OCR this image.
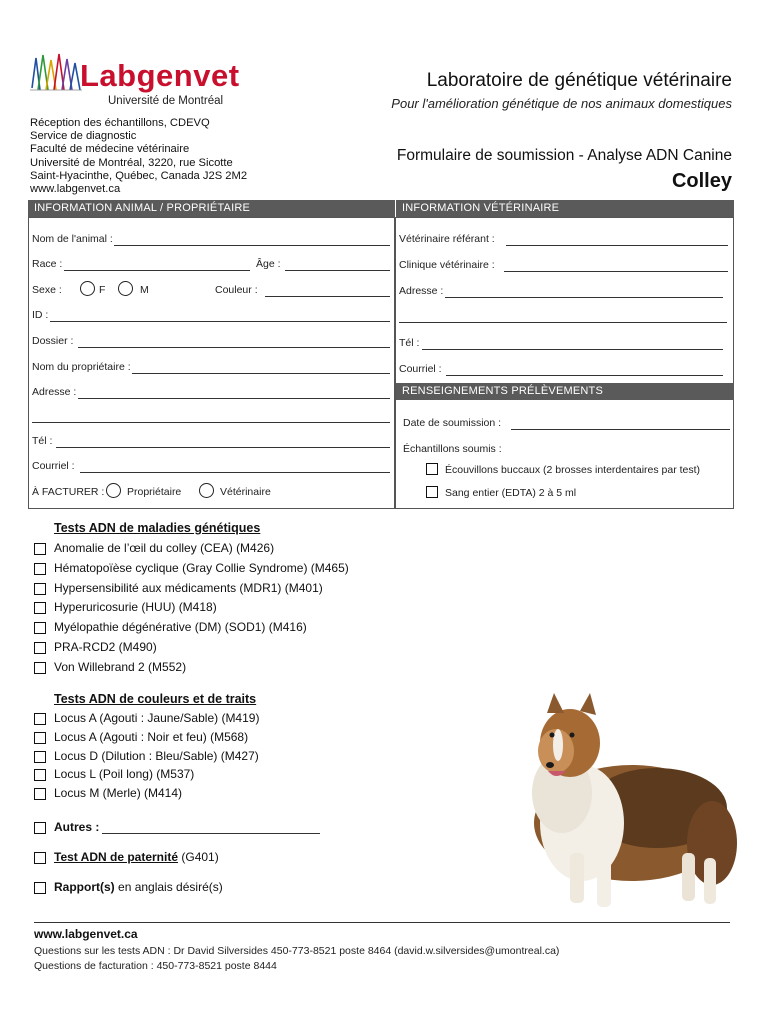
Labgenvet
Université de Montréal
Laboratoire de génétique vétérinaire
Pour l'amélioration génétique de nos animaux domestiques
Réception des échantillons, CDEVQ
Service de diagnostic
Faculté de médecine vétérinaire
Université de Montréal, 3220, rue Sicotte
Saint-Hyacinthe, Québec, Canada J2S 2M2
www.labgenvet.ca
Formulaire de soumission - Analyse ADN Canine
Colley
INFORMATION ANIMAL / PROPRIÉTAIRE	INFORMATION VÉTÉRINAIRE
Nom de l'animal :
Race :	Âge :
Sexe :	F	M	Couleur :
ID :
Dossier :
Nom du propriétaire :
Adresse :
Tél :
Courriel :
À FACTURER : Propriétaire	Vétérinaire
Vétérinaire référant :
Clinique vétérinaire :
Adresse :
Tél :
Courriel :
RENSEIGNEMENTS PRÉLÈVEMENTS
Date de soumission :
Échantillons soumis :
Écouvillons buccaux (2 brosses interdentaires par test)
Sang entier (EDTA) 2 à 5 ml
Tests ADN de maladies génétiques
Anomalie de l’œil du colley (CEA) (M426)
Hématopoïèse cyclique (Gray Collie Syndrome) (M465)
Hypersensibilité aux médicaments (MDR1) (M401)
Hyperuricosurie (HUU) (M418)
Myélopathie dégénérative (DM) (SOD1) (M416)
PRA-RCD2 (M490)
Von Willebrand 2 (M552)
Tests ADN de couleurs et de traits
Locus A (Agouti : Jaune/Sable) (M419)
Locus A (Agouti : Noir et feu) (M568)
Locus D (Dilution : Bleu/Sable) (M427)
Locus L (Poil long) (M537)
Locus M (Merle) (M414)
Autres :
Test ADN de paternité (G401)
Rapport(s) en anglais désiré(s)
www.labgenvet.ca
Questions sur les tests ADN : Dr David Silversides 450-773-8521 poste 8464 (david.w.silversides@umontreal.ca)
Questions de facturation : 450-773-8521 poste 8444
